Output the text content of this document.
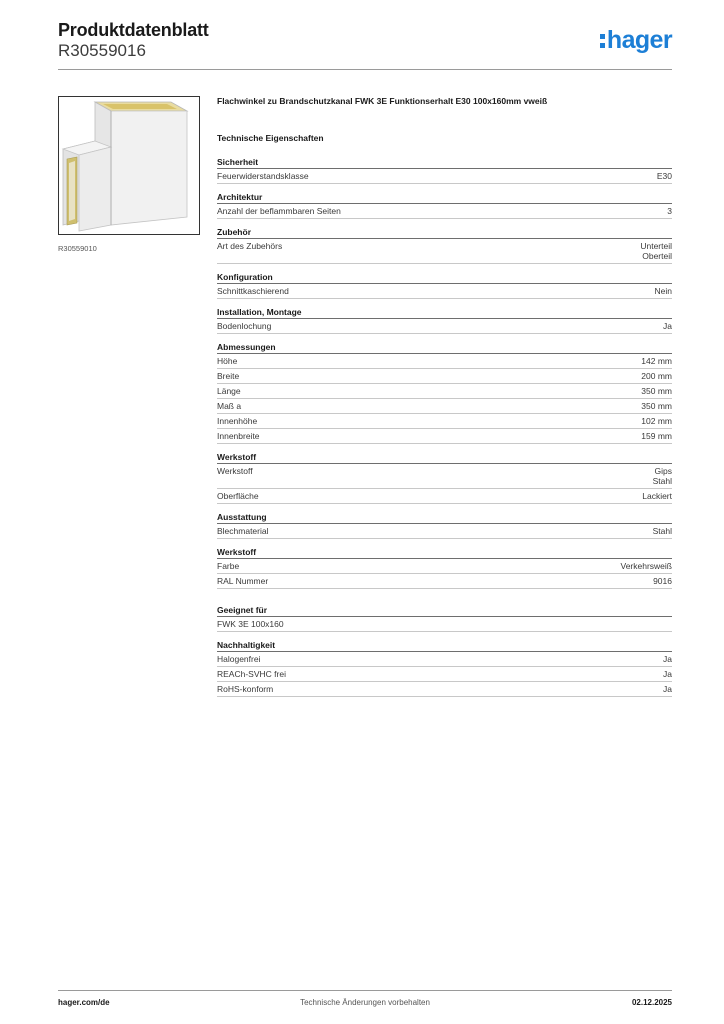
Produktdatenblatt
R30559016	hager
R30559010
Flachwinkel zu Brandschutzkanal FWK 3E Funktionserhalt E30 100x160mm vweiß
Technische Eigenschaften
Sicherheit
Feuerwiderstandsklasse	E30
Architektur
Anzahl der beflammbaren Seiten	3
Zubehör
Art des Zubehörs	Unterteil
Oberteil
Konfiguration
Schnittkaschierend	Nein
Installation, Montage
Bodenlochung	Ja
Abmessungen
Höhe	142 mm
Breite	200 mm
Länge	350 mm
Maß a	350 mm
Innenhöhe	102 mm
Innenbreite	159 mm
Werkstoff
Werkstoff	Gips
Stahl
Oberfläche	Lackiert
Ausstattung
Blechmaterial	Stahl
Werkstoff
Farbe	Verkehrsweiß
RAL Nummer	9016
Geeignet für
FWK 3E 100x160
Nachhaltigkeit
Halogenfrei	Ja
REACh-SVHC frei	Ja
RoHS-konform	Ja
hager.com/de	Technische Änderungen vorbehalten	02.12.2025
